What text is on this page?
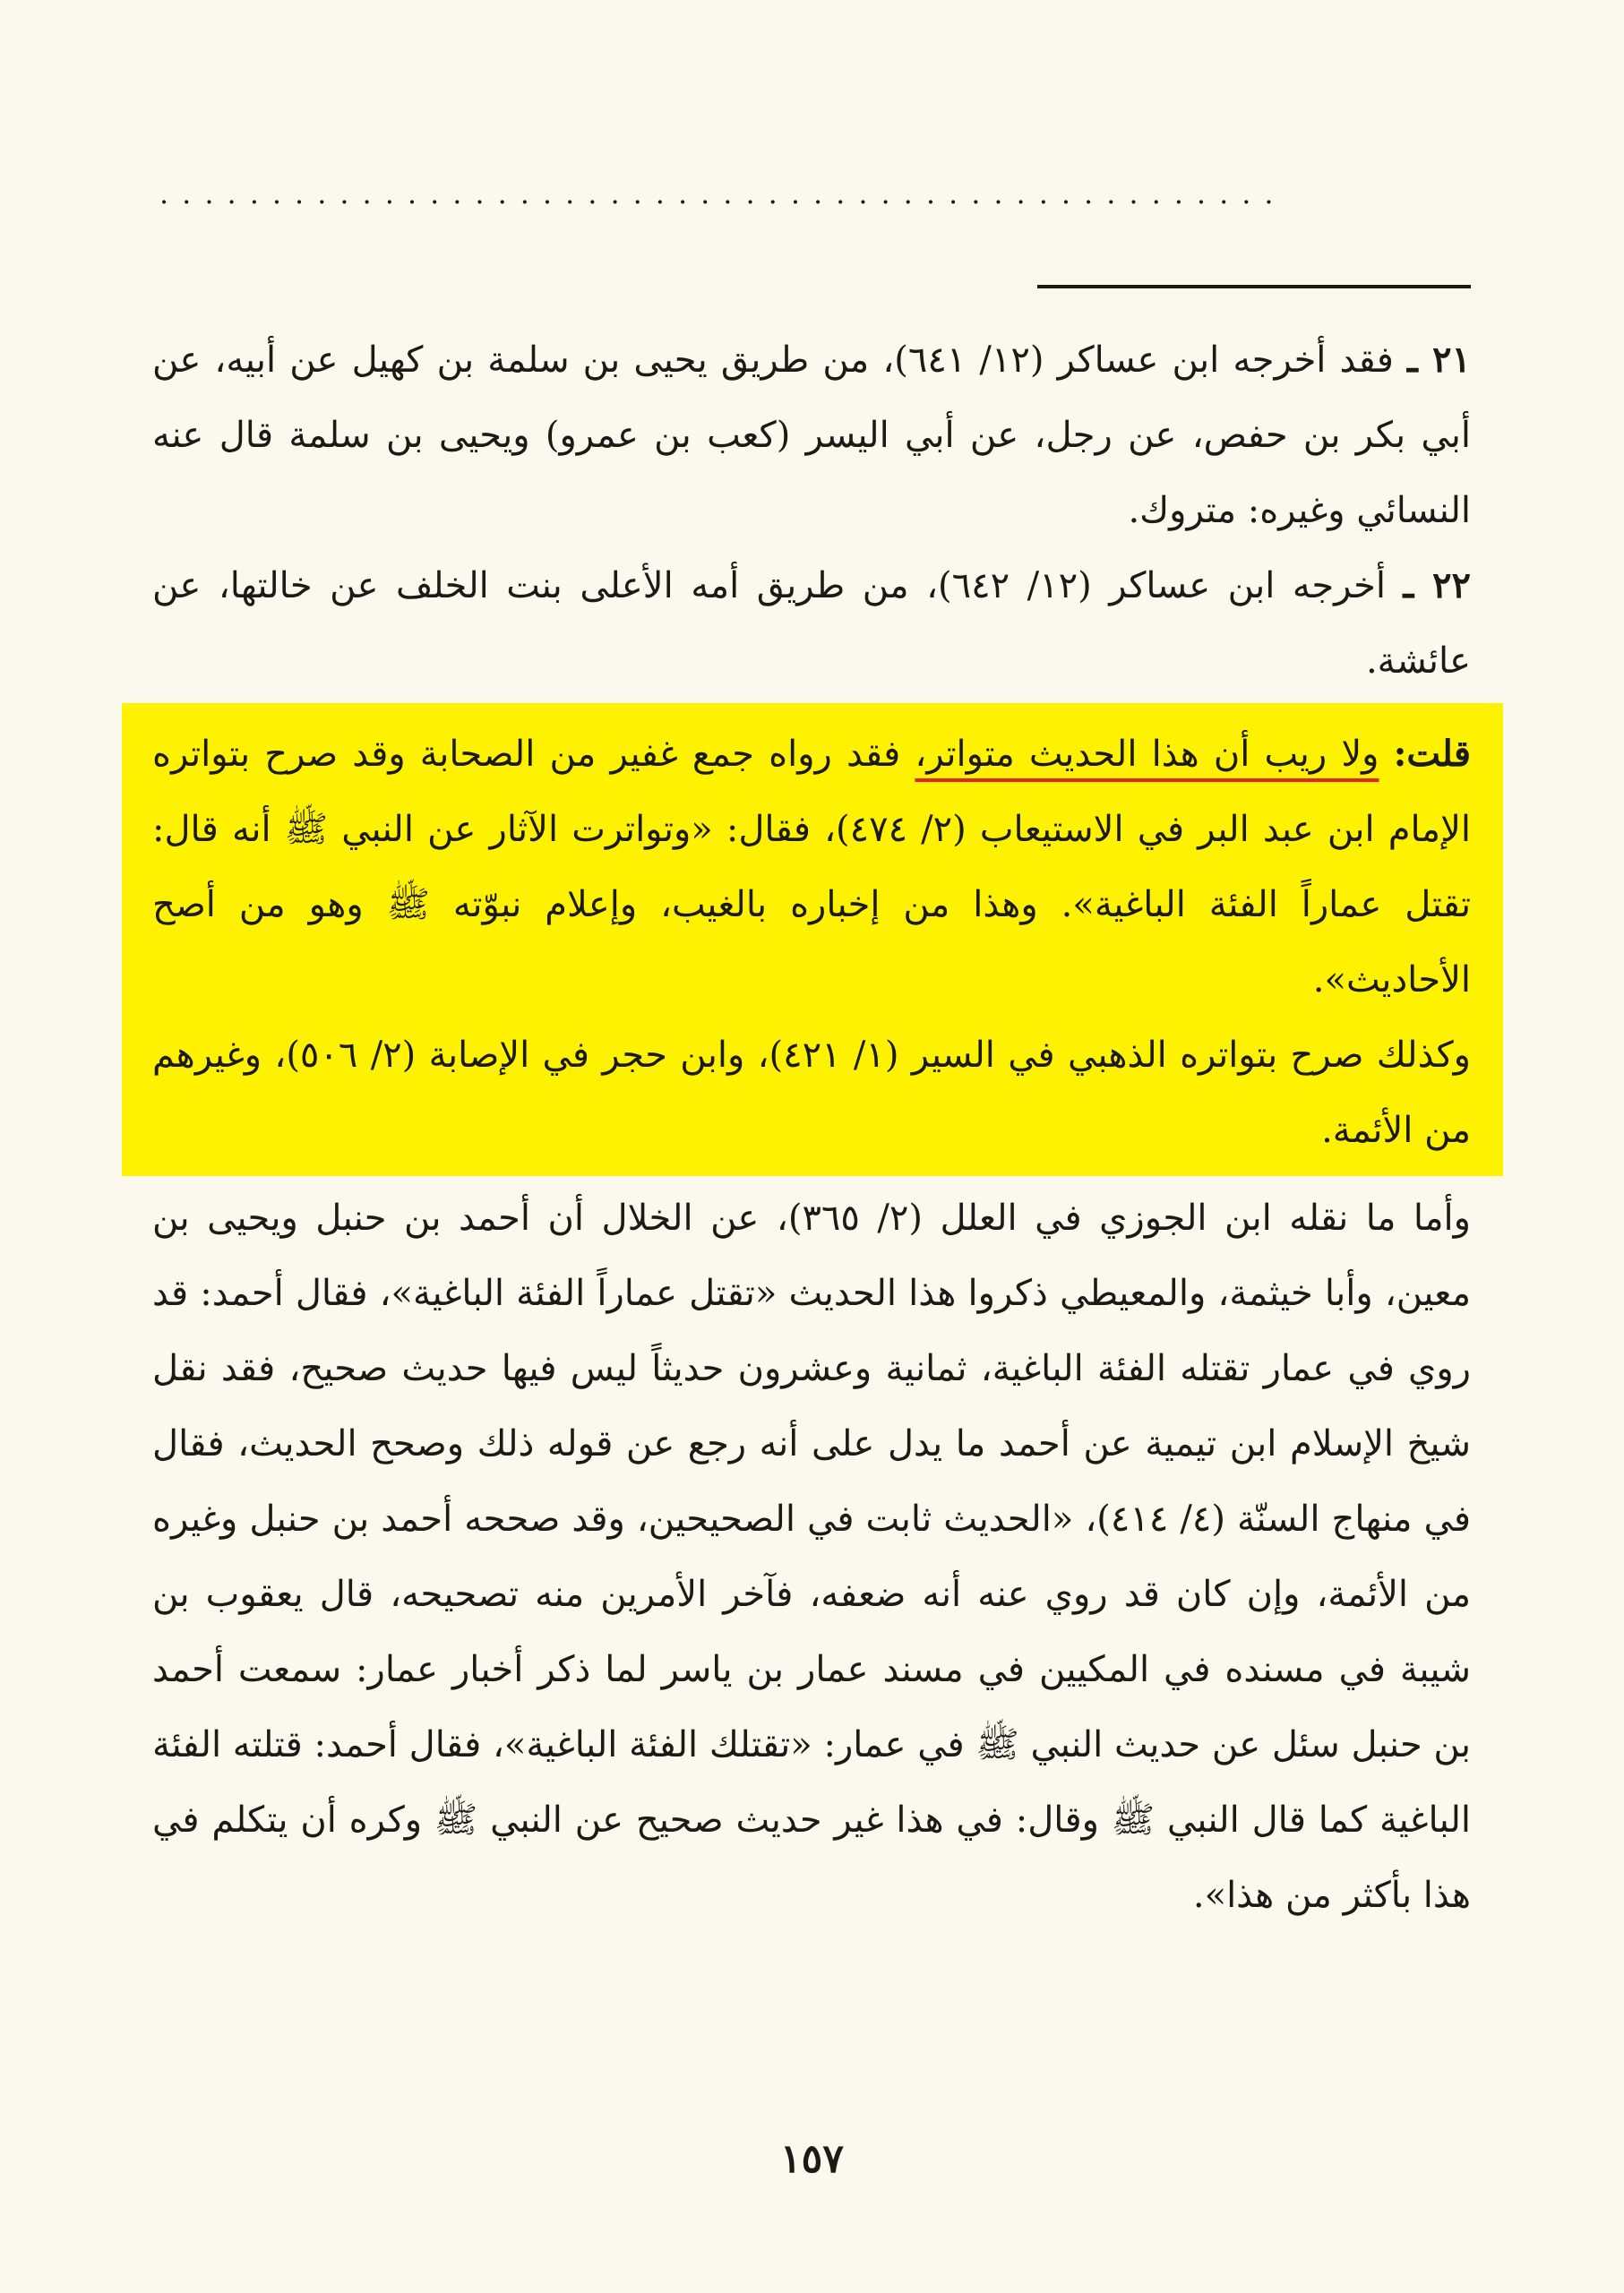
..................................................

٢١ ـ فقد أخرجه ابن عساكر (١٢/ ٦٤١)، من طريق يحيى بن سلمة بن كهيل عن أبيه، عن أبي بكر بن حفص، عن رجل، عن أبي اليسر (كعب بن عمرو) ويحيى بن سلمة قال عنه النسائي وغيره: متروك.

٢٢ ـ أخرجه ابن عساكر (١٢/ ٦٤٢)، من طريق أمه الأعلى بنت الخلف عن خالتها، عن عائشة.

قلت: ولا ريب أن هذا الحديث متواتر، فقد رواه جمع غفير من الصحابة وقد صرح بتواتره الإمام ابن عبد البر في الاستيعاب (٢/ ٤٧٤)، فقال: «وتواترت الآثار عن النبي ﷺ أنه قال: تقتل عماراً الفئة الباغية». وهذا من إخباره بالغيب، وإعلام نبوّته ﷺ وهو من أصح الأحاديث».

وكذلك صرح بتواتره الذهبي في السير (١/ ٤٢١)، وابن حجر في الإصابة (٢/ ٥٠٦)، وغيرهم من الأئمة.

وأما ما نقله ابن الجوزي في العلل (٢/ ٣٦٥)، عن الخلال أن أحمد بن حنبل ويحيى بن معين، وأبا خيثمة، والمعيطي ذكروا هذا الحديث «تقتل عماراً الفئة الباغية»، فقال أحمد: قد روي في عمار تقتله الفئة الباغية، ثمانية وعشرون حديثاً ليس فيها حديث صحيح، فقد نقل شيخ الإسلام ابن تيمية عن أحمد ما يدل على أنه رجع عن قوله ذلك وصحح الحديث، فقال في منهاج السنّة (٤/ ٤١٤)، «الحديث ثابت في الصحيحين، وقد صححه أحمد بن حنبل وغيره من الأئمة، وإن كان قد روي عنه أنه ضعفه، فآخر الأمرين منه تصحيحه، قال يعقوب بن شيبة في مسنده في المكيين في مسند عمار بن ياسر لما ذكر أخبار عمار: سمعت أحمد بن حنبل سئل عن حديث النبي ﷺ في عمار: «تقتلك الفئة الباغية»، فقال أحمد: قتلته الفئة الباغية كما قال النبي ﷺ وقال: في هذا غير حديث صحيح عن النبي ﷺ وكره أن يتكلم في هذا بأكثر من هذا».

١٥٧
